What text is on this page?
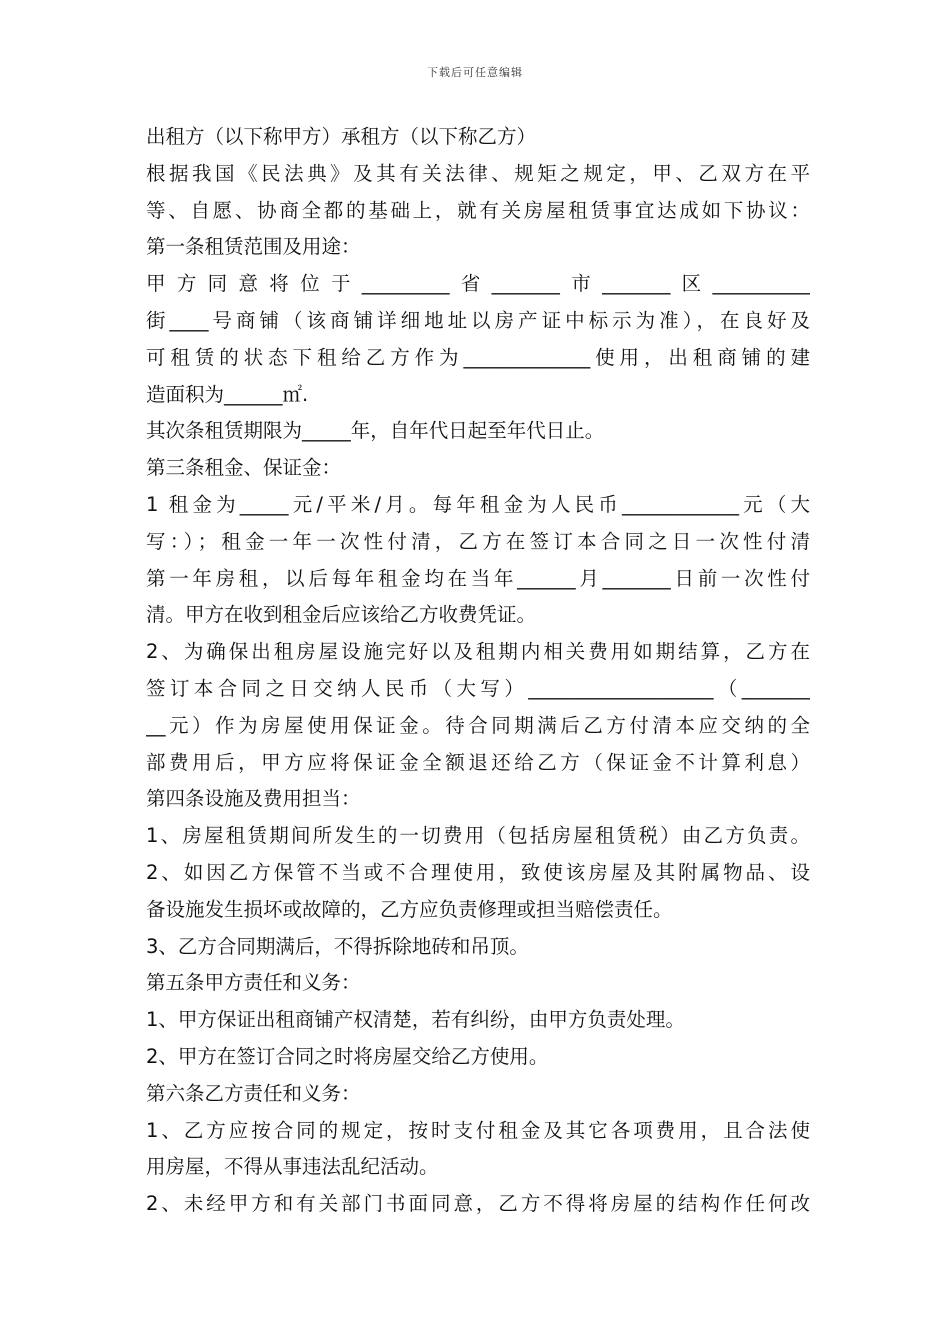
下载后可任意编辑
出租方（以下称甲方）承租方（以下称乙方）
根据我国《民法典》及其有关法律、规矩之规定，甲、乙双方在平
等、自愿、协商全都的基础上，就有关房屋租赁事宜达成如下协议：
第一条租赁范围及用途：
甲方同意将位于_________省_______市_______区__________
街____号商铺（该商铺详细地址以房产证中标示为准），在良好及
可租赁的状态下租给乙方作为_____________使用，出租商铺的建
造面积为______㎡.
其次条租赁期限为_____年，自年代日起至年代日止。
第三条租金、保证金：
1 租金为_____元/平米/月。每年租金为人民币____________元（大
写：）；租金一年一次性付清，乙方在签订本合同之日一次性付清
第一年房租，以后每年租金均在当年______月_______日前一次性付
清。甲方在收到租金后应该给乙方收费凭证。
2、为确保出租房屋设施完好以及租期内相关费用如期结算，乙方在
签订本合同之日交纳人民币（大写）___________________（_______
__元）作为房屋使用保证金。待合同期满后乙方付清本应交纳的全
部费用后，甲方应将保证金全额退还给乙方（保证金不计算利息）
第四条设施及费用担当：
1、房屋租赁期间所发生的一切费用（包括房屋租赁税）由乙方负责。
2、如因乙方保管不当或不合理使用，致使该房屋及其附属物品、设
备设施发生损坏或故障的，乙方应负责修理或担当赔偿责任。
3、乙方合同期满后，不得拆除地砖和吊顶。
第五条甲方责任和义务：
1、甲方保证出租商铺产权清楚，若有纠纷，由甲方负责处理。
2、甲方在签订合同之时将房屋交给乙方使用。
第六条乙方责任和义务：
1、乙方应按合同的规定，按时支付租金及其它各项费用，且合法使
用房屋，不得从事违法乱纪活动。
2、未经甲方和有关部门书面同意，乙方不得将房屋的结构作任何改
